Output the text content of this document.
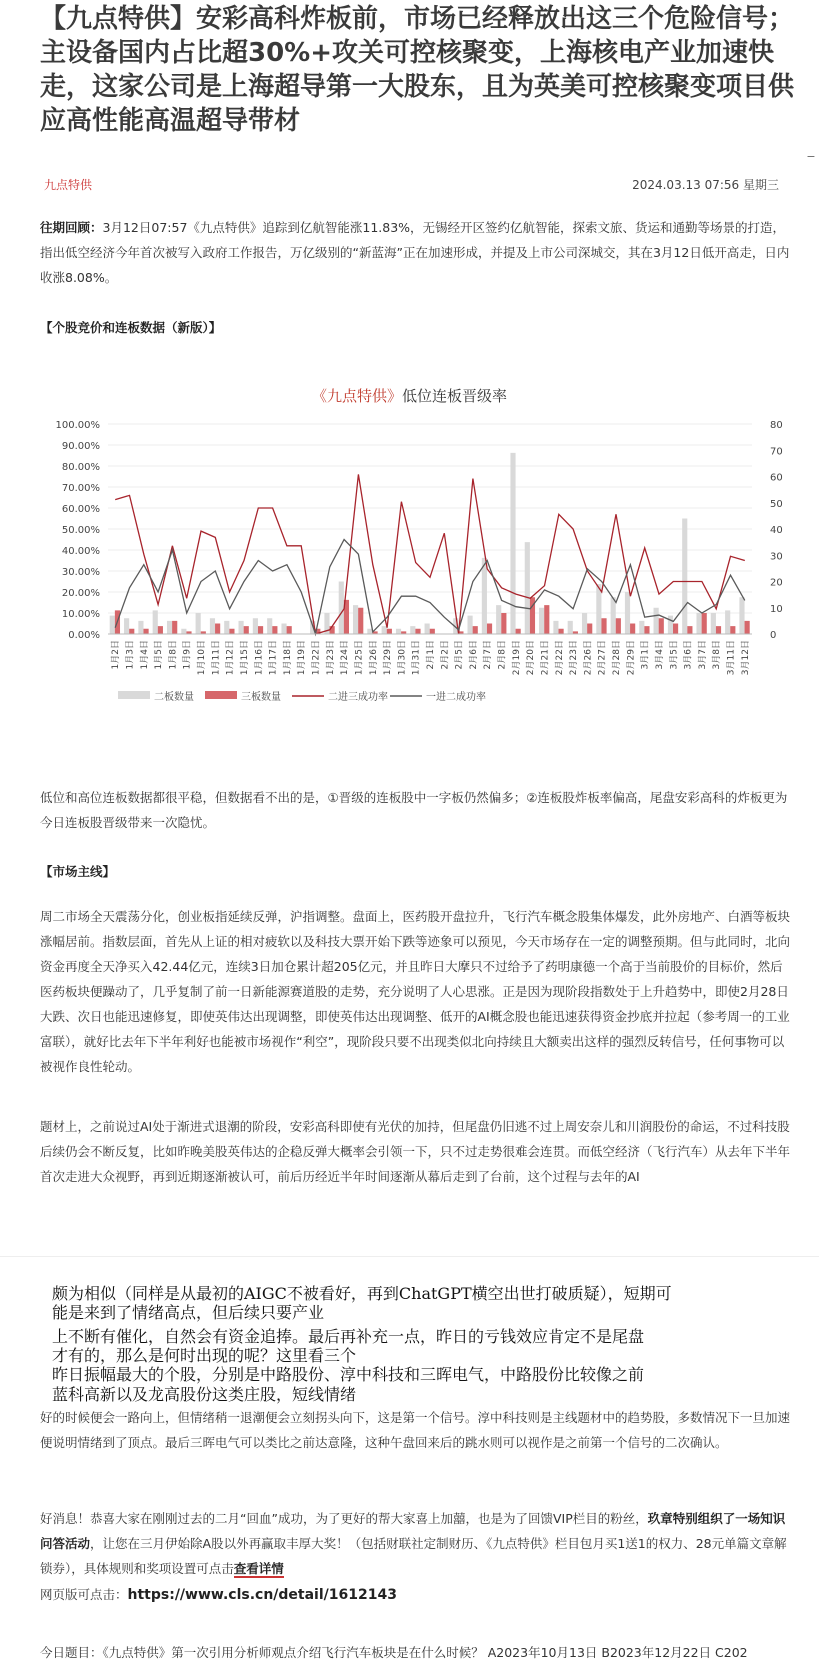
【九点特供】安彩高科炸板前，市场已经释放出这三个危险信号；主设备国内占比超30%+攻关可控核聚变，上海核电产业加速快走，这家公司是上海超导第一大股东，且为英美可控核聚变项目供应高性能高温超导带材
−
九点特供	2024.03.13 07:56 星期三

往期回顾：3月12日07:57《九点特供》追踪到亿航智能涨11.83%，无锡经开区签约亿航智能，探索文旅、货运和通勤等场景的打造，指出低空经济今年首次被写入政府工作报告，万亿级别的“新蓝海”正在加速形成，并提及上市公司深城交，其在3月12日低开高走，日内收涨8.08%。

【个股竞价和连板数据（新版）】
《九点特供》低位连板晋级率
0.00%
10.00%
20.00%
30.00%
40.00%
50.00%
60.00%
70.00%
80.00%
90.00%
100.00%
0
10
20
30
40
50
60
70
80
1月2日 1月3日 1月4日 1月5日 1月8日 1月9日 1月10日 1月11日 1月12日 1月15日 1月16日 1月17日 1月18日 1月19日 1月22日 1月23日 1月24日 1月25日 1月26日 1月29日 1月30日 1月31日 2月1日 2月2日 2月5日 2月6日 2月7日 2月8日 2月19日 2月20日 2月21日 2月22日 2月23日 2月26日 2月27日 2月28日 2月29日 3月1日 3月4日 3月5日 3月6日 3月7日 3月8日 3月11日 3月12日
二板数量	三板数量	二进三成功率	一进二成功率

低位和高位连板数据都很平稳，但数据看不出的是，①晋级的连板股中一字板仍然偏多；②连板股炸板率偏高，尾盘安彩高科的炸板更为今日连板股晋级带来一次隐忧。

【市场主线】

周二市场全天震荡分化，创业板指延续反弹，沪指调整。盘面上，医药股开盘拉升，飞行汽车概念股集体爆发，此外房地产、白酒等板块涨幅居前。指数层面，首先从上证的相对疲软以及科技大票开始下跌等迹象可以预见，今天市场存在一定的调整预期。但与此同时，北向资金再度全天净买入42.44亿元，连续3日加仓累计超205亿元，并且昨日大摩只不过给予了药明康德一个高于当前股价的目标价，然后医药板块便躁动了，几乎复制了前一日新能源赛道股的走势，充分说明了人心思涨。正是因为现阶段指数处于上升趋势中，即使2月28日大跌、次日也能迅速修复，即使英伟达出现调整，即使英伟达出现调整、低开的AI概念股也能迅速获得资金抄底并拉起（参考周一的工业富联），就好比去年下半年利好也能被市场视作“利空”，现阶段只要不出现类似北向持续且大额卖出这样的强烈反转信号，任何事物可以被视作良性轮动。

题材上，之前说过AI处于渐进式退潮的阶段，安彩高科即使有光伏的加持，但尾盘仍旧逃不过上周安奈儿和川润股份的命运，不过科技股后续仍会不断反复，比如昨晚美股英伟达的企稳反弹大概率会引领一下，只不过走势很难会连贯。而低空经济（飞行汽车）从去年下半年首次走进大众视野，再到近期逐渐被认可，前后历经近半年时间逐渐从幕后走到了台前，这个过程与去年的AI

颇为相似（同样是从最初的AIGC不被看好，再到ChatGPT横空出世打破质疑），短期可

能是来到了情绪高点，但后续只要产业

上不断有催化，自然会有资金追捧。最后再补充一点，昨日的亏钱效应肯定不是尾盘

才有的，那么是何时出现的呢？这里看三个

昨日振幅最大的个股，分别是中路股份、淳中科技和三晖电气，中路股份比较像之前

蓝科高新以及龙高股份这类庄股，短线情绪

好的时候便会一路向上，但情绪稍一退潮便会立刻拐头向下，这是第一个信号。淳中科技则是主线题材中的趋势股，多数情况下一旦加速便说明情绪到了顶点。最后三晖电气可以类比之前达意隆，这种午盘回来后的跳水则可以视作是之前第一个信号的二次确认。

好消息！恭喜大家在刚刚过去的二月“回血”成功，为了更好的帮大家喜上加囍，也是为了回馈VIP栏目的粉丝，玖章特别组织了一场知识问答活动，让您在三月伊始除A股以外再赢取丰厚大奖！（包括财联社定制财历、《九点特供》栏目包月买1送1的权力、28元单篇文章解锁券），具体规则和奖项设置可点击查看详情

网页版可点击：https://www.cls.cn/detail/1612143
今日题目：《九点特供》第一次引用分析师观点介绍飞行汽车板块是在什么时候？ A2023年10月13日 B2023年12月22日 C202
